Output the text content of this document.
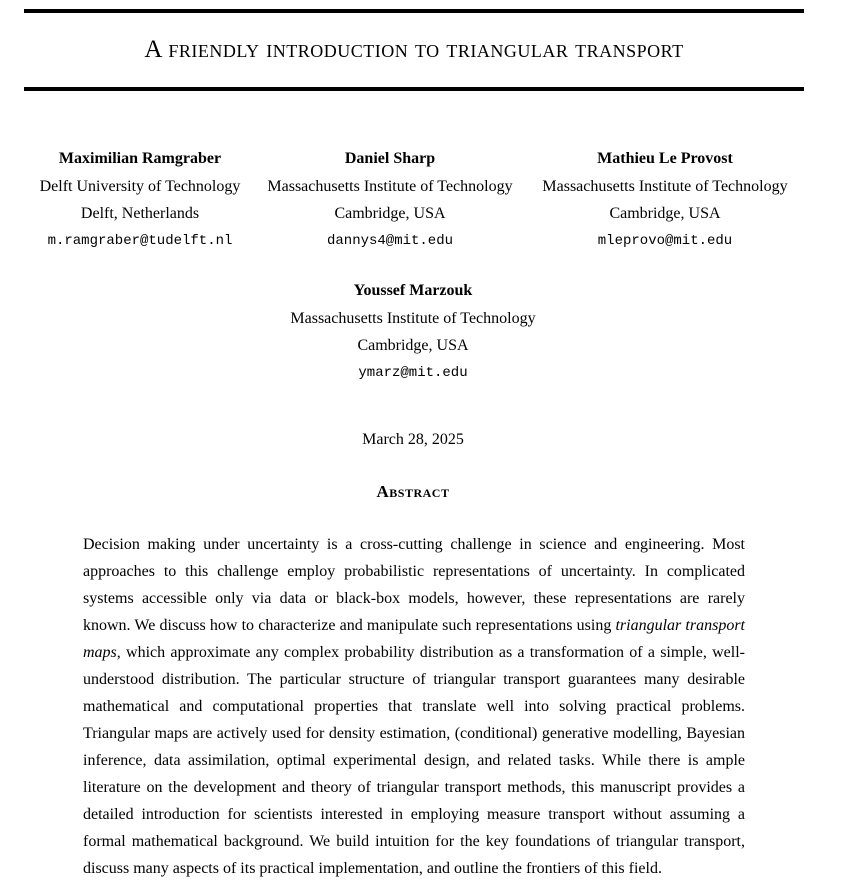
A friendly introduction to triangular transport
Maximilian Ramgraber
Delft University of Technology
Delft, Netherlands
m.ramgraber@tudelft.nl
Daniel Sharp
Massachusetts Institute of Technology
Cambridge, USA
dannys4@mit.edu
Mathieu Le Provost
Massachusetts Institute of Technology
Cambridge, USA
mleprovo@mit.edu
Youssef Marzouk
Massachusetts Institute of Technology
Cambridge, USA
ymarz@mit.edu
March 28, 2025
Abstract

Decision making under uncertainty is a cross-cutting challenge in science and engineering. Most approaches to this challenge employ probabilistic representations of uncertainty. In complicated systems accessible only via data or black-box models, however, these representations are rarely known. We discuss how to characterize and manipulate such representations using triangular transport maps, which approximate any complex probability distribution as a transformation of a simple, well-understood distribution. The particular structure of triangular transport guarantees many desirable mathematical and computational properties that translate well into solving practical problems. Triangular maps are actively used for density estimation, (conditional) generative modelling, Bayesian inference, data assimilation, optimal experimental design, and related tasks. While there is ample literature on the development and theory of triangular transport methods, this manuscript provides a detailed introduction for scientists interested in employing measure transport without assuming a formal mathematical background. We build intuition for the key foundations of triangular transport, discuss many aspects of its practical implementation, and outline the frontiers of this field.
